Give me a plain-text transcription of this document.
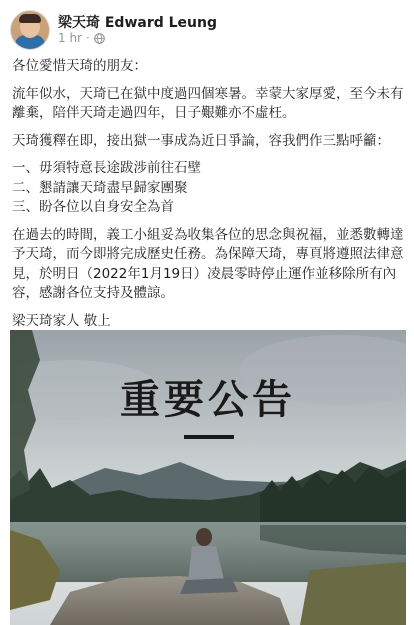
梁天琦 Edward Leung
1 hr ·

各位愛惜天琦的朋友：

流年似水，天琦已在獄中度過四個寒暑。幸蒙大家厚愛，至今未有離棄，陪伴天琦走過四年，日子艱難亦不虛枉。

天琦獲釋在即，接出獄一事成為近日爭論，容我們作三點呼籲：

一、毋須特意長途跋涉前往石壁
二、懇請讓天琦盡早歸家團聚
三、盼各位以自身安全為首

在過去的時間，義工小組妥為收集各位的思念與祝福，並悉數轉達予天琦，而今即將完成歷史任務。為保障天琦，專頁將遵照法律意見，於明日（2022年1月19日）凌晨零時停止運作並移除所有內容，感謝各位支持及體諒。

梁天琦家人 敬上

重要公告
